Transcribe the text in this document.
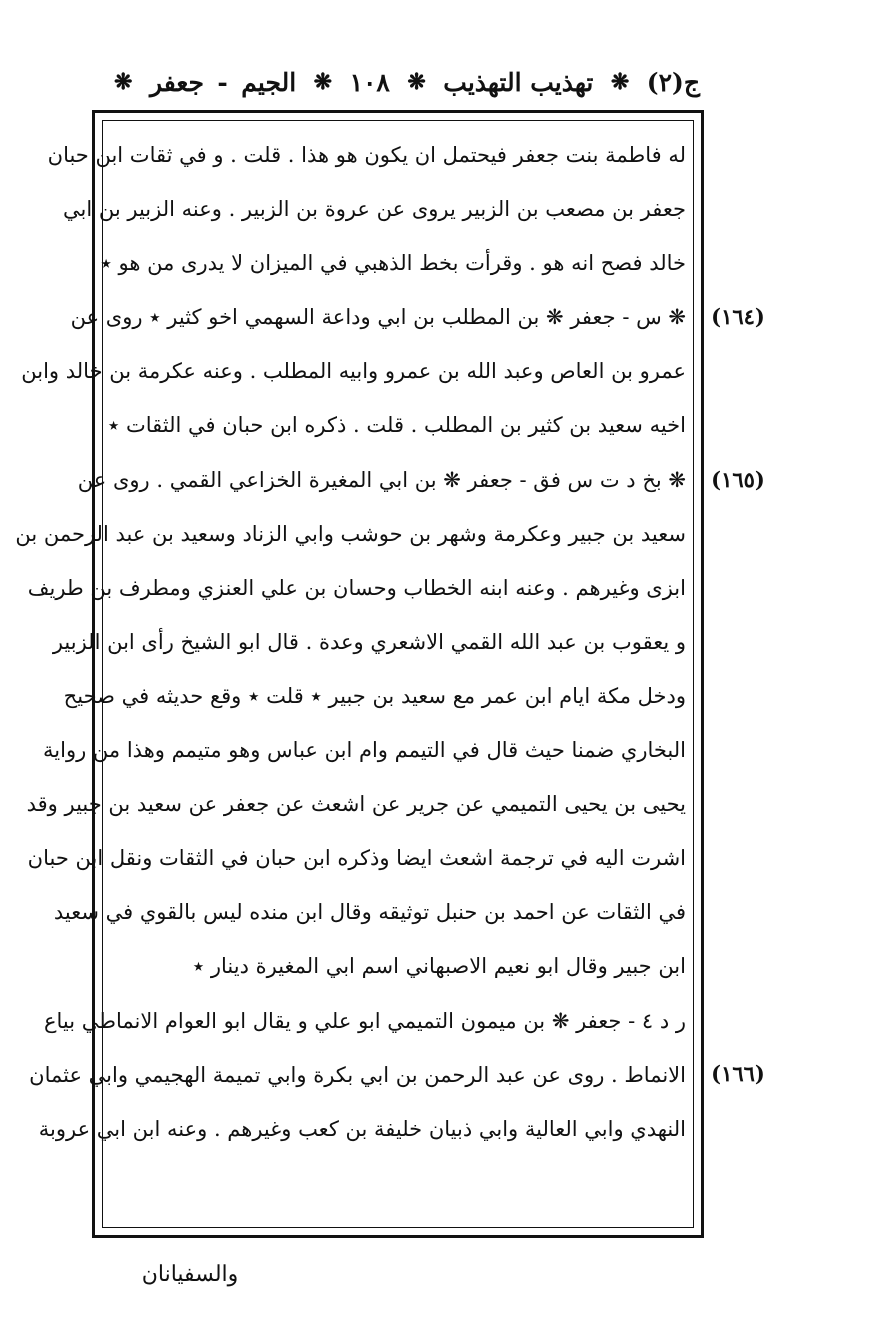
ج(٢)
❋
تهذيب التهذيب
❋
١٠٨
❋
الجيم
-
جعفر
❋
له فاطمة بنت جعفر فيحتمل ان يكون هو هذا . قلت . و في ثقات ابن حبان
جعفر بن مصعب بن الزبير يروى عن عروة بن الزبير . وعنه الزبير بن ابي
خالد فصح انه هو . وقرأت بخط الذهبي في الميزان لا يدرى من هو ٭
❋ س - جعفر ❋ بن المطلب بن ابي وداعة السهمي اخو كثير ٭ روى عن
عمرو بن العاص وعبد الله بن عمرو وابيه المطلب . وعنه عكرمة بن خالد وابن
اخيه سعيد بن كثير بن المطلب . قلت . ذكره ابن حبان في الثقات ٭
❋ بخ د ت س فق - جعفر ❋ بن ابي المغيرة الخزاعي القمي . روى عن
سعيد بن جبير وعكرمة وشهر بن حوشب وابي الزناد وسعيد بن عبد الرحمن بن
ابزى وغيرهم . وعنه ابنه الخطاب وحسان بن علي العنزي ومطرف بن طريف
و يعقوب بن عبد الله القمي الاشعري وعدة . قال ابو الشيخ رأى ابن الزبير
ودخل مكة ايام ابن عمر مع سعيد بن جبير ٭ قلت ٭ وقع حديثه في صحيح
البخاري ضمنا حيث قال في التيمم وام ابن عباس وهو متيمم وهذا من رواية
يحيى بن يحيى التميمي عن جرير عن اشعث عن جعفر عن سعيد بن جبير وقد
اشرت اليه في ترجمة اشعث ايضا وذكره ابن حبان في الثقات ونقل ابن حبان
في الثقات عن احمد بن حنبل توثيقه وقال ابن منده ليس بالقوي في سعيد
ابن جبير وقال ابو نعيم الاصبهاني اسم ابي المغيرة دينار ٭
ر د ٤ - جعفر ❋ بن ميمون التميمي ابو علي و يقال ابو العوام الانماطي بياع
الانماط . روى عن عبد الرحمن بن ابي بكرة وابي تميمة الهجيمي وابي عثمان
النهدي وابي العالية وابي ذبيان خليفة بن كعب وغيرهم . وعنه ابن ابي عروبة
(١٦٤)
(١٦٥)
(١٦٦)
والسفيانان
